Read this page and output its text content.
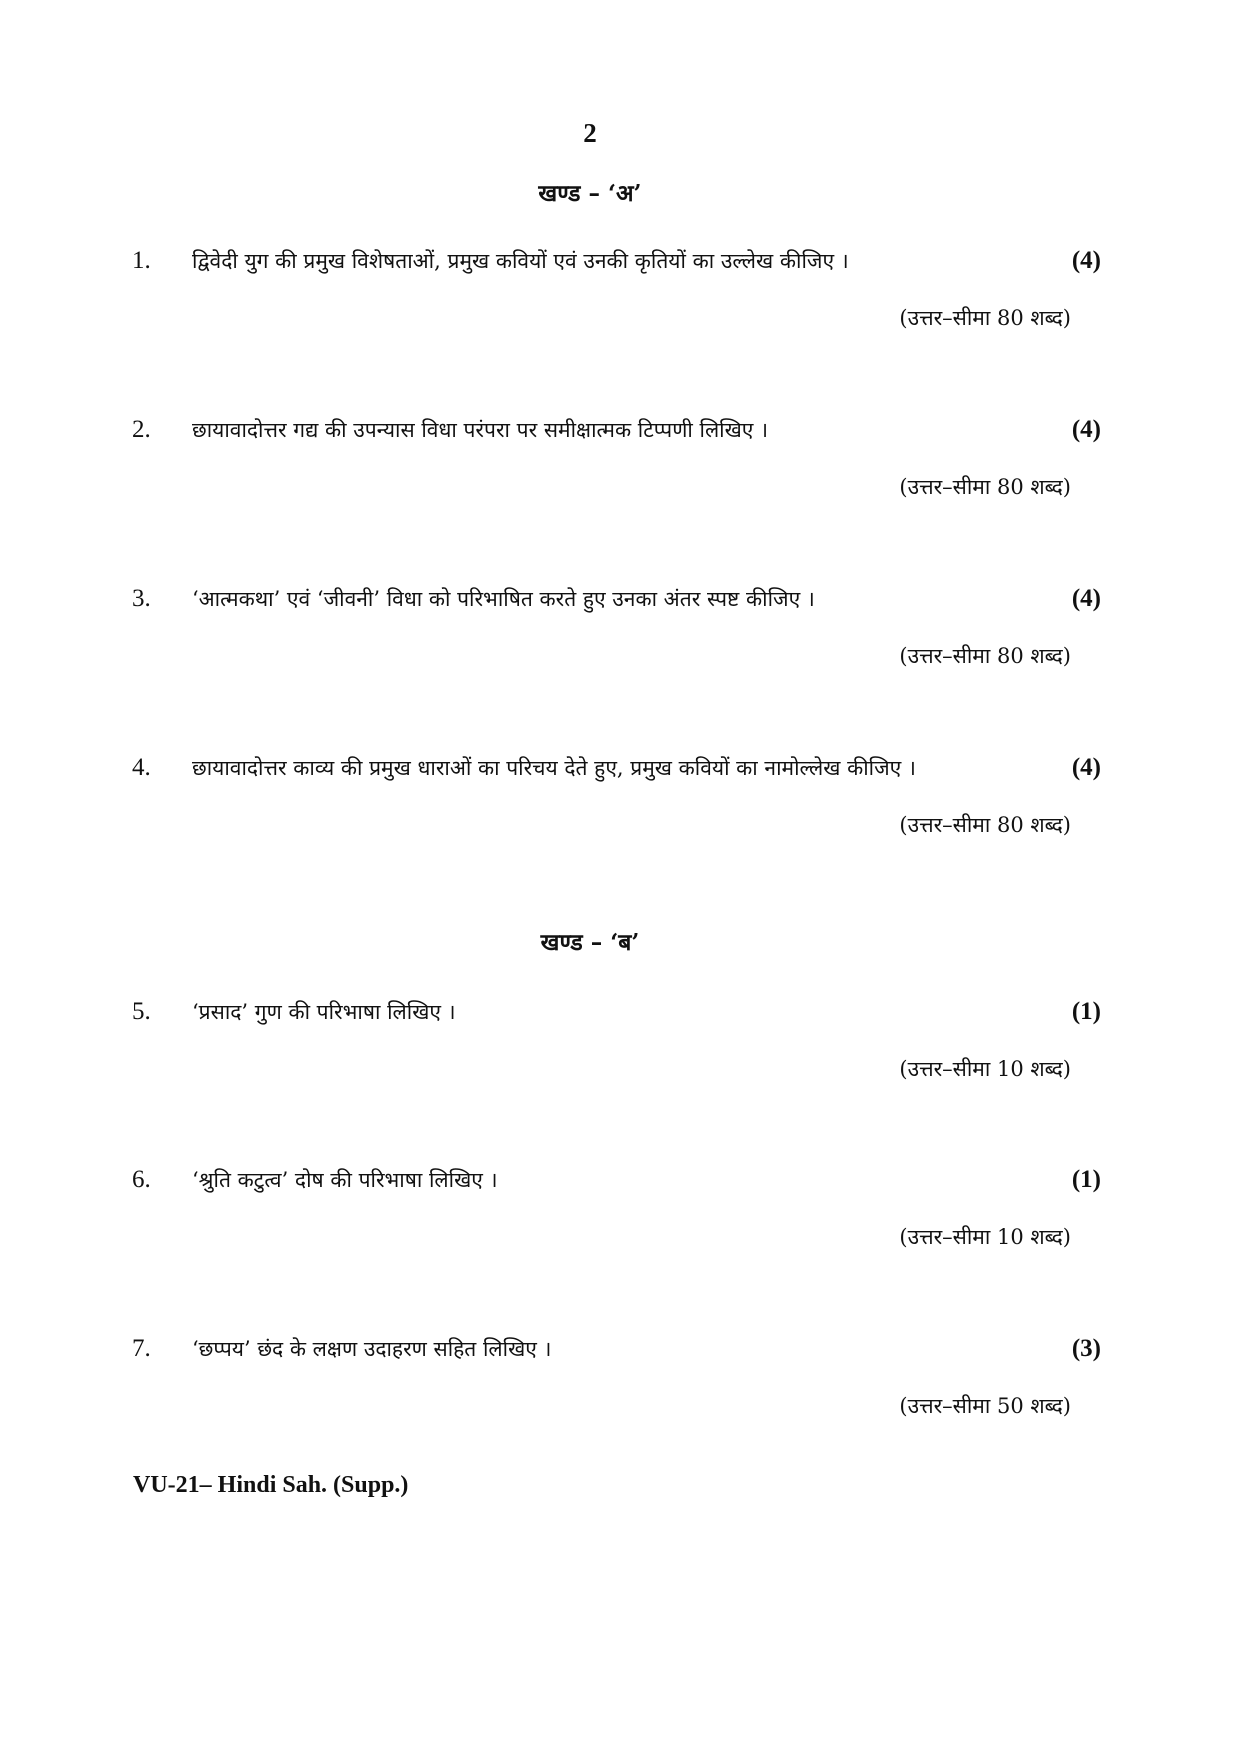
2
खण्ड – ‘अ’
1. द्विवेदी युग की प्रमुख विशेषताओं, प्रमुख कवियों एवं उनकी कृतियों का उल्लेख कीजिए ।	(4)
(उत्तर–सीमा 80 शब्द)
2. छायावादोत्तर गद्य की उपन्यास विधा परंपरा पर समीक्षात्मक टिप्पणी लिखिए ।	(4)
(उत्तर–सीमा 80 शब्द)
3. ‘आत्मकथा’ एवं ‘जीवनी’ विधा को परिभाषित करते हुए उनका अंतर स्पष्ट कीजिए ।	(4)
(उत्तर–सीमा 80 शब्द)
4. छायावादोत्तर काव्य की प्रमुख धाराओं का परिचय देते हुए, प्रमुख कवियों का नामोल्लेख कीजिए ।	(4)
(उत्तर–सीमा 80 शब्द)
खण्ड – ‘ब’
5. ‘प्रसाद’ गुण की परिभाषा लिखिए ।	(1)
(उत्तर–सीमा 10 शब्द)
6. ‘श्रुति कटुत्व’ दोष की परिभाषा लिखिए ।	(1)
(उत्तर–सीमा 10 शब्द)
7. ‘छप्पय’ छंद के लक्षण उदाहरण सहित लिखिए ।	(3)
(उत्तर–सीमा 50 शब्द)
VU-21– Hindi Sah. (Supp.)
